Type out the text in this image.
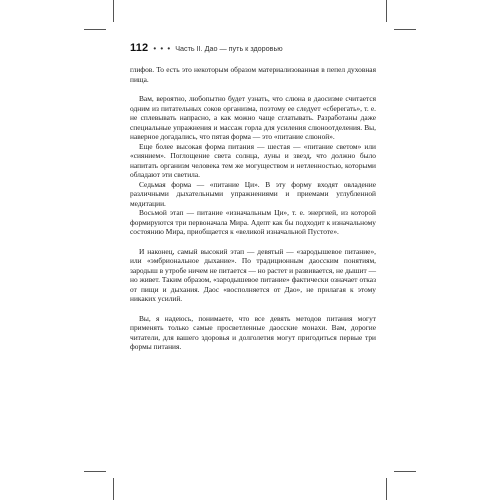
112 • • • Часть II. Дао — путь к здоровью

глифов. То есть это некоторым образом материализованная в пепел духовная пища.

Вам, вероятно, любопытно будет узнать, что слюна в даосизме считается одним из питательных соков организма, поэтому ее следует «сберегать», т. е. не сплевывать напрасно, а как можно чаще сглатывать. Разработаны даже специальные упражнения и массаж горла для усиления слюноотделения. Вы, наверное догадались, что пятая форма — это «питание слюной».

Еще более высокая форма питания — шестая — «питание светом» или «сиянием». Поглощение света солнца, луны и звезд, что должно было напитать организм человека тем же могуществом и нетленностью, которыми обладают эти светила.

Седьмая форма — «питание Ци». В эту форму входят овладение различными дыхательными упражнениями и приемами углубленной медитации.

Восьмой этап — питание «изначальным Ци», т. е. энергией, из которой формируются три первоначала Мира. Адепт как бы подходит к изначальному состоянию Мира, приобщается к «великой изначальной Пустоте».

И наконец, самый высокий этап — девятый — «зародышевое питание», или «эмбриональное дыхание». По традиционным даосским понятиям, зародыш в утробе ничем не питается — но растет и развивается, не дышит — но живет. Таким образом, «зародышевое питание» фактически означает отказ от пищи и дыхания. Даос «восполняется от Дао», не прилагая к этому никаких усилий.

Вы, я надеюсь, понимаете, что все девять методов питания могут применять только самые просветленные даосские монахи. Вам, дорогие читатели, для вашего здоровья и долголетия могут пригодиться первые три формы питания.
